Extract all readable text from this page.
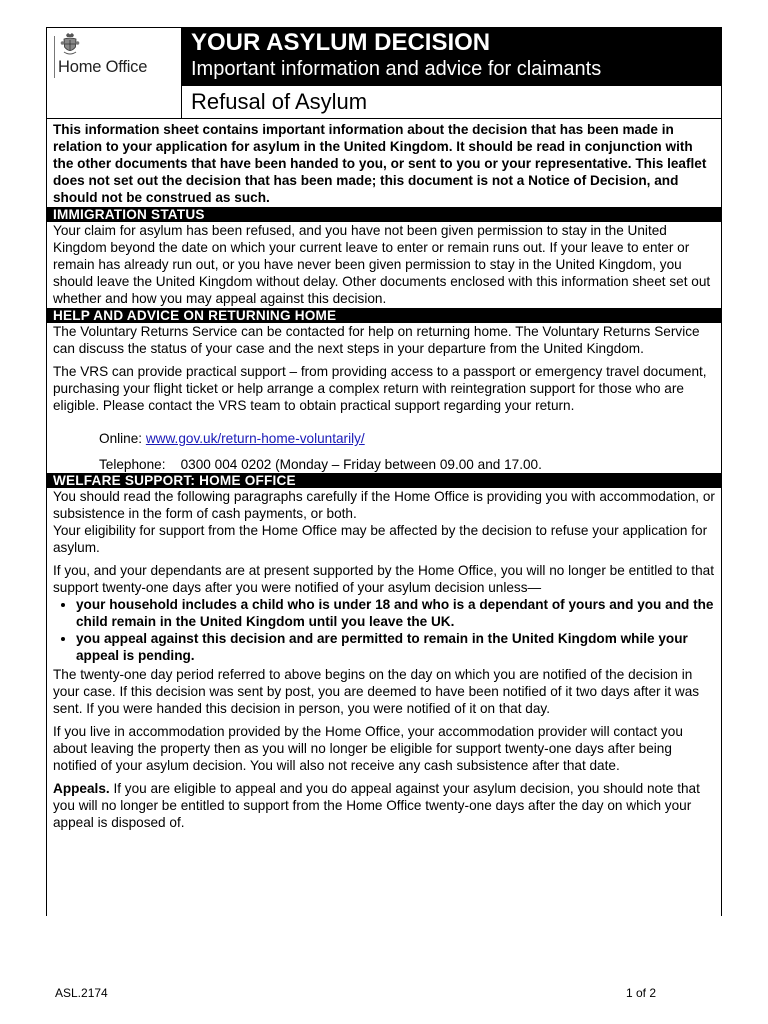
Home Office
YOUR ASYLUM DECISION
Important information and advice for claimants
Refusal of Asylum
This information sheet contains important information about the decision that has been made in relation to your application for asylum in the United Kingdom. It should be read in conjunction with the other documents that have been handed to you, or sent to you or your representative. This leaflet does not set out the decision that has been made; this document is not a Notice of Decision, and should not be construed as such.
IMMIGRATION STATUS
Your claim for asylum has been refused, and you have not been given permission to stay in the United Kingdom beyond the date on which your current leave to enter or remain runs out. If your leave to enter or remain has already run out, or you have never been given permission to stay in the United Kingdom, you should leave the United Kingdom without delay. Other documents enclosed with this information sheet set out whether and how you may appeal against this decision.
HELP AND ADVICE ON RETURNING HOME
The Voluntary Returns Service can be contacted for help on returning home. The Voluntary Returns Service can discuss the status of your case and the next steps in your departure from the United Kingdom.
The VRS can provide practical support – from providing access to a passport or emergency travel document, purchasing your flight ticket or help arrange a complex return with reintegration support for those who are eligible. Please contact the VRS team to obtain practical support regarding your return.
Online: www.gov.uk/return-home-voluntarily/
Telephone: 0300 004 0202 (Monday – Friday between 09.00 and 17.00.
WELFARE SUPPORT: HOME OFFICE
You should read the following paragraphs carefully if the Home Office is providing you with accommodation, or subsistence in the form of cash payments, or both.
Your eligibility for support from the Home Office may be affected by the decision to refuse your application for asylum.
If you, and your dependants are at present supported by the Home Office, you will no longer be entitled to that support twenty-one days after you were notified of your asylum decision unless—
• your household includes a child who is under 18 and who is a dependant of yours and you and the child remain in the United Kingdom until you leave the UK.
• you appeal against this decision and are permitted to remain in the United Kingdom while your appeal is pending.
The twenty-one day period referred to above begins on the day on which you are notified of the decision in your case. If this decision was sent by post, you are deemed to have been notified of it two days after it was sent. If you were handed this decision in person, you were notified of it on that day.
If you live in accommodation provided by the Home Office, your accommodation provider will contact you about leaving the property then as you will no longer be eligible for support twenty-one days after being notified of your asylum decision. You will also not receive any cash subsistence after that date.
Appeals. If you are eligible to appeal and you do appeal against your asylum decision, you should note that you will no longer be entitled to support from the Home Office twenty-one days after the day on which your appeal is disposed of.
ASL.2174	1 of 2
